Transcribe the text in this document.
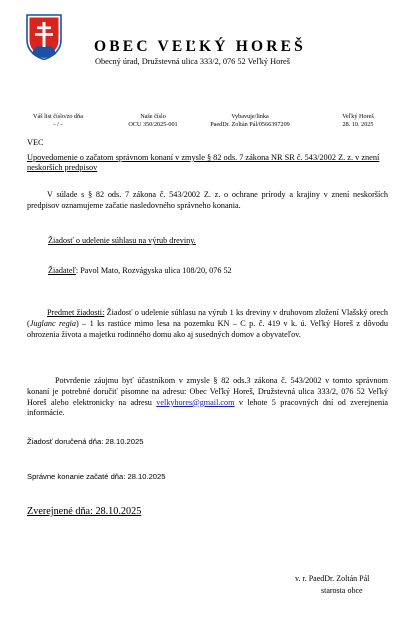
OBEC VEĽKÝ HOREŠ
Obecný úrad, Družstevná ulica 333/2, 076 52 Veľký Horeš
Váš list číslo/zo dňa
- / -
Naše číslo
OCU 350/2025-001
Vybavuje/linka
PaedDr. Zoltán Pál/0566397209
Veľký Horeš
28. 10. 2025
VEC
Upovedomenie o začatom správnom konaní v zmysle § 82 ods. 7 zákona NR SR č. 543/2002 Z. z. v znení neskorších predpisov
V súlade s § 82 ods. 7 zákona č. 543/2002 Z. z. o ochrane prírody a krajiny v znení neskorších predpisov oznamujeme začatie nasledovného správneho konania.
Žiadosť o udelenie súhlasu na výrub dreviny.
Žiadateľ: Pavol Mato, Rozvágyska ulica 108/20, 076 52
Predmet žiadosti: Žiadosť o udelenie súhlasu na výrub 1 ks dreviny v druhovom zložení Vlašský orech (Juglanc regia) – 1 ks rastúce mimo lesa na pozemku KN – C p. č. 419 v k. ú. Veľký Horeš z dôvodu ohrozenia života a majetku rodinného domu ako aj susedných domov a obyvateľov.
Potvrdenie záujmu byť účastníkom v zmysle § 82 ods.3 zákona č. 543/2002 v tomto správnom konaní je potrebné doručiť písomne na adresu: Obec Veľký Horeš, Družstevná ulica 333/2, 076 52 Veľký Horeš alebo elektronicky na adresu velkyhores@gmail.com v lehote 5 pracovných dní od zverejnenia informácie.
Žiadosť doručená dňa: 28.10.2025
Správne konanie začaté dňa: 28.10.2025
Zverejnené dňa: 28.10.2025
v. r. PaedDr. Zoltán Pál
starosta obce
